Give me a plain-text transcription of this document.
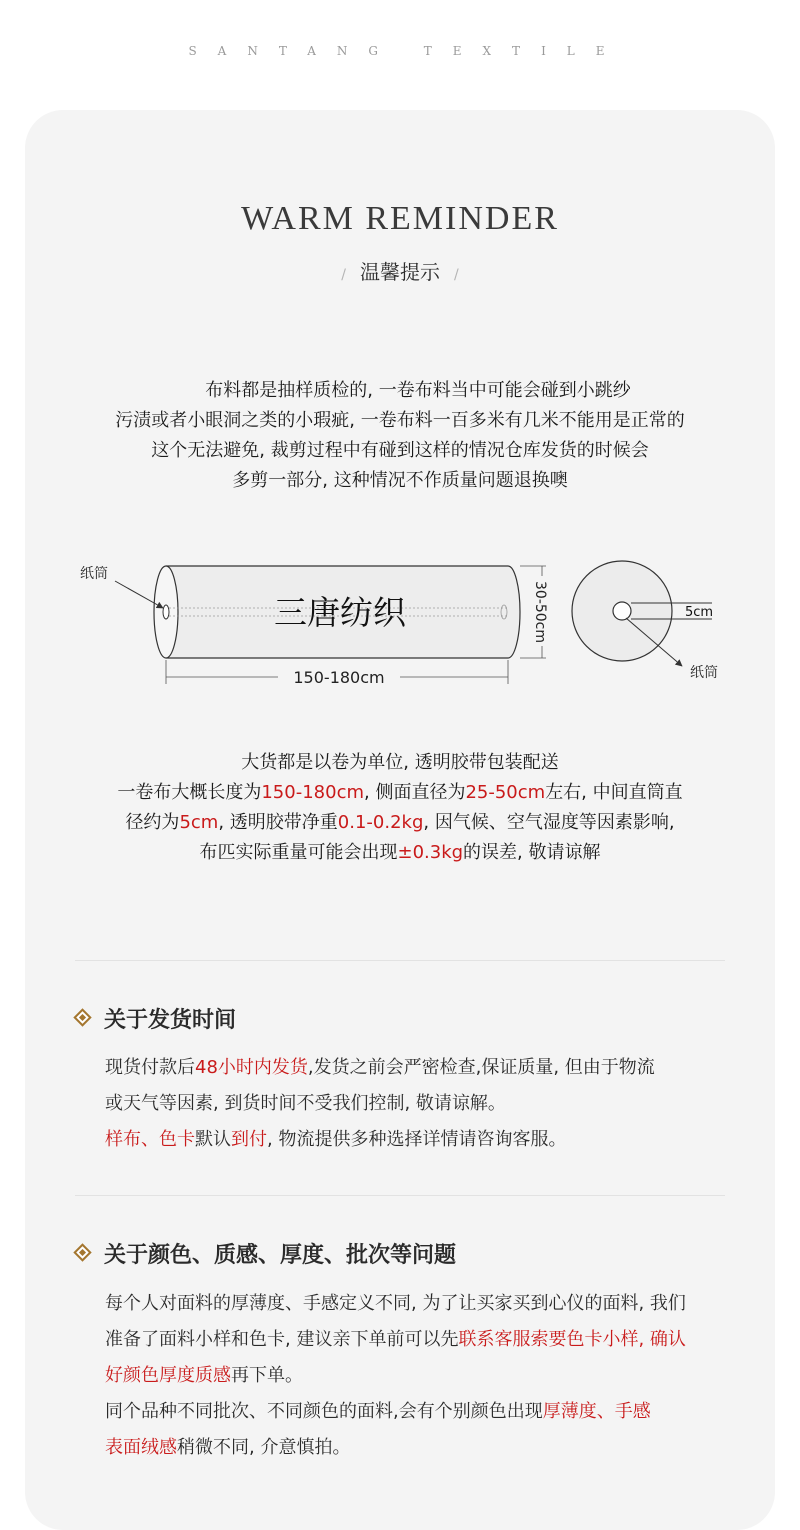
SANTANG TEXTILE
WARM REMINDER
/ 温馨提示 /

布料都是抽样质检的, 一卷布料当中可能会碰到小跳纱

污渍或者小眼洞之类的小瑕疵, 一卷布料一百多米有几米不能用是正常的

这个无法避免, 裁剪过程中有碰到这样的情况仓库发货的时候会

多剪一部分, 这种情况不作质量问题退换噢

三唐纺织
纸筒
150-180cm
30-50cm	5cm
纸筒

大货都是以卷为单位, 透明胶带包装配送

一卷布大概长度为150-180cm, 侧面直径为25-50cm左右, 中间直筒直

径约为5cm, 透明胶带净重0.1-0.2kg, 因气候、空气湿度等因素影响,

布匹实际重量可能会出现±0.3kg的误差, 敬请谅解

关于发货时间

现货付款后48小时内发货,发货之前会严密检查,保证质量, 但由于物流

或天气等因素, 到货时间不受我们控制, 敬请谅解。

样布、色卡默认到付, 物流提供多种选择详情请咨询客服。

关于颜色、质感、厚度、批次等问题

每个人对面料的厚薄度、手感定义不同, 为了让买家买到心仪的面料, 我们

准备了面料小样和色卡, 建议亲下单前可以先联系客服索要色卡小样, 确认

好颜色厚度质感再下单。

同个品种不同批次、不同颜色的面料,会有个别颜色出现厚薄度、手感

表面绒感稍微不同, 介意慎拍。
